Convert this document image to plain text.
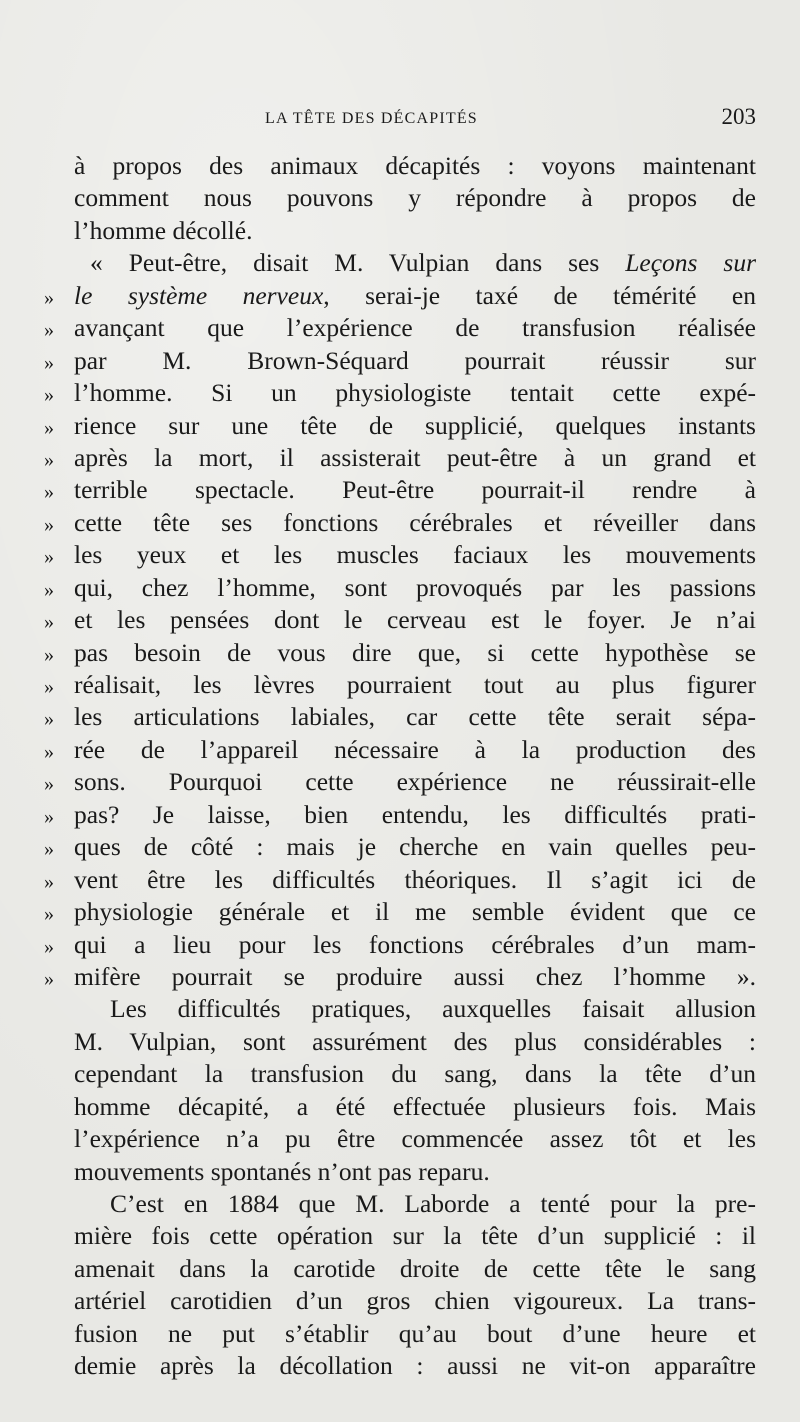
LA TÊTE DES DÉCAPITÉS	203
à propos des animaux décapités : voyons maintenant
comment nous pouvons y répondre à propos de
l’homme décollé.
« Peut-être, disait M. Vulpian dans ses Leçons sur
» le système nerveux, serai-je taxé de témérité en
» avançant que l’expérience de transfusion réalisée
» par M. Brown-Séquard pourrait réussir sur
» l’homme. Si un physiologiste tentait cette expé-
» rience sur une tête de supplicié, quelques instants
» après la mort, il assisterait peut-être à un grand et
» terrible spectacle. Peut-être pourrait-il rendre à
» cette tête ses fonctions cérébrales et réveiller dans
» les yeux et les muscles faciaux les mouvements
» qui, chez l’homme, sont provoqués par les passions
» et les pensées dont le cerveau est le foyer. Je n’ai
» pas besoin de vous dire que, si cette hypothèse se
» réalisait, les lèvres pourraient tout au plus figurer
» les articulations labiales, car cette tête serait sépa-
» rée de l’appareil nécessaire à la production des
» sons. Pourquoi cette expérience ne réussirait-elle
» pas? Je laisse, bien entendu, les difficultés prati-
» ques de côté : mais je cherche en vain quelles peu-
» vent être les difficultés théoriques. Il s’agit ici de
» physiologie générale et il me semble évident que ce
» qui a lieu pour les fonctions cérébrales d’un mam-
» mifère pourrait se produire aussi chez l’homme ».
Les difficultés pratiques, auxquelles faisait allusion
M. Vulpian, sont assurément des plus considérables :
cependant la transfusion du sang, dans la tête d’un
homme décapité, a été effectuée plusieurs fois. Mais
l’expérience n’a pu être commencée assez tôt et les
mouvements spontanés n’ont pas reparu.
C’est en 1884 que M. Laborde a tenté pour la pre-
mière fois cette opération sur la tête d’un supplicié : il
amenait dans la carotide droite de cette tête le sang
artériel carotidien d’un gros chien vigoureux. La trans-
fusion ne put s’établir qu’au bout d’une heure et
demie après la décollation : aussi ne vit-on apparaître
